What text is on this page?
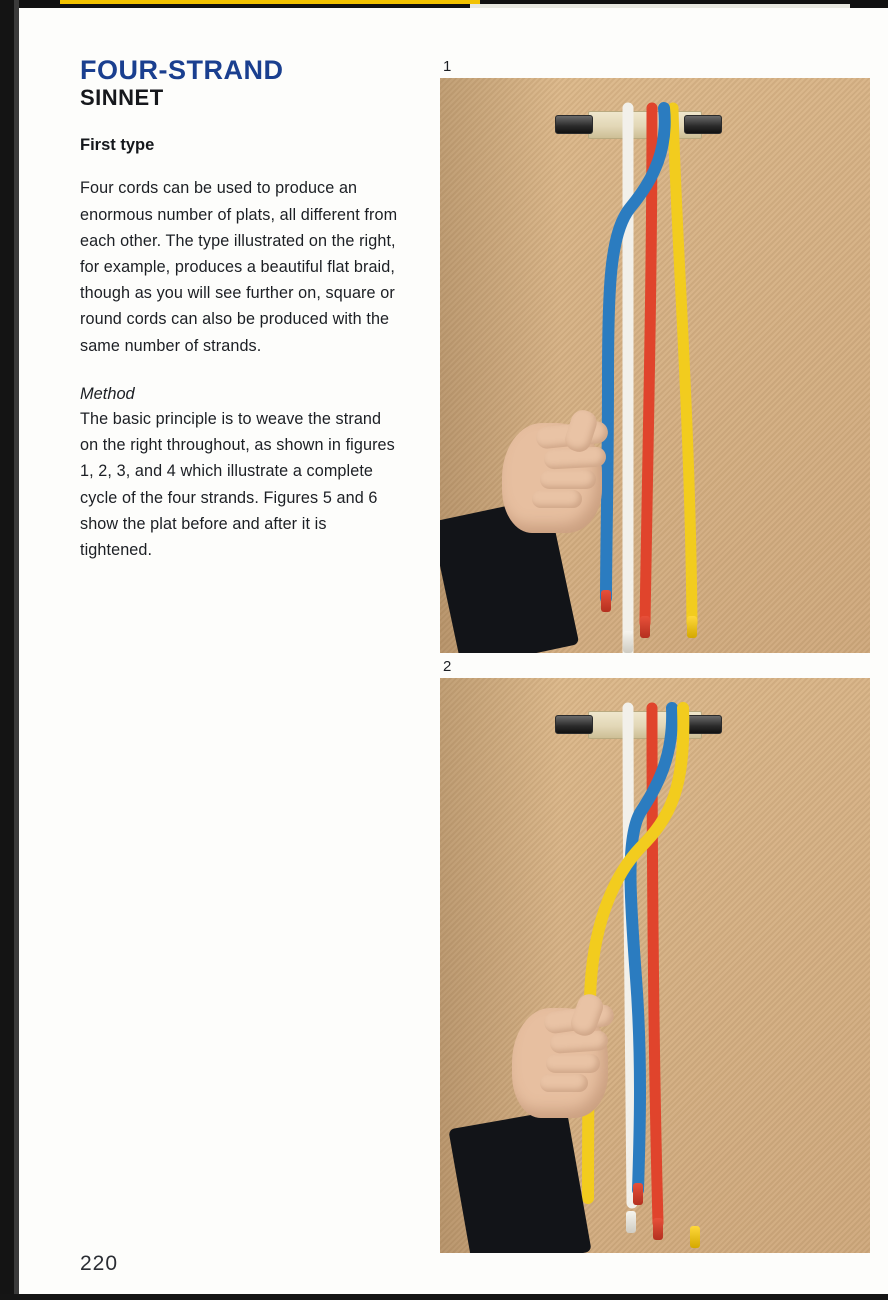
FOUR-STRAND
SINNET
First type

Four cords can be used to produce an enormous number of plats, all different from each other. The type illustrated on the right, for example, produces a beautiful flat braid, though as you will see further on, square or round cords can also be produced with the same number of strands.

Method

The basic principle is to weave the strand on the right throughout, as shown in figures 1, 2, 3, and 4 which illustrate a complete cycle of the four strands. Figures 5 and 6 show the plat before and after it is tightened.

220
1
2
